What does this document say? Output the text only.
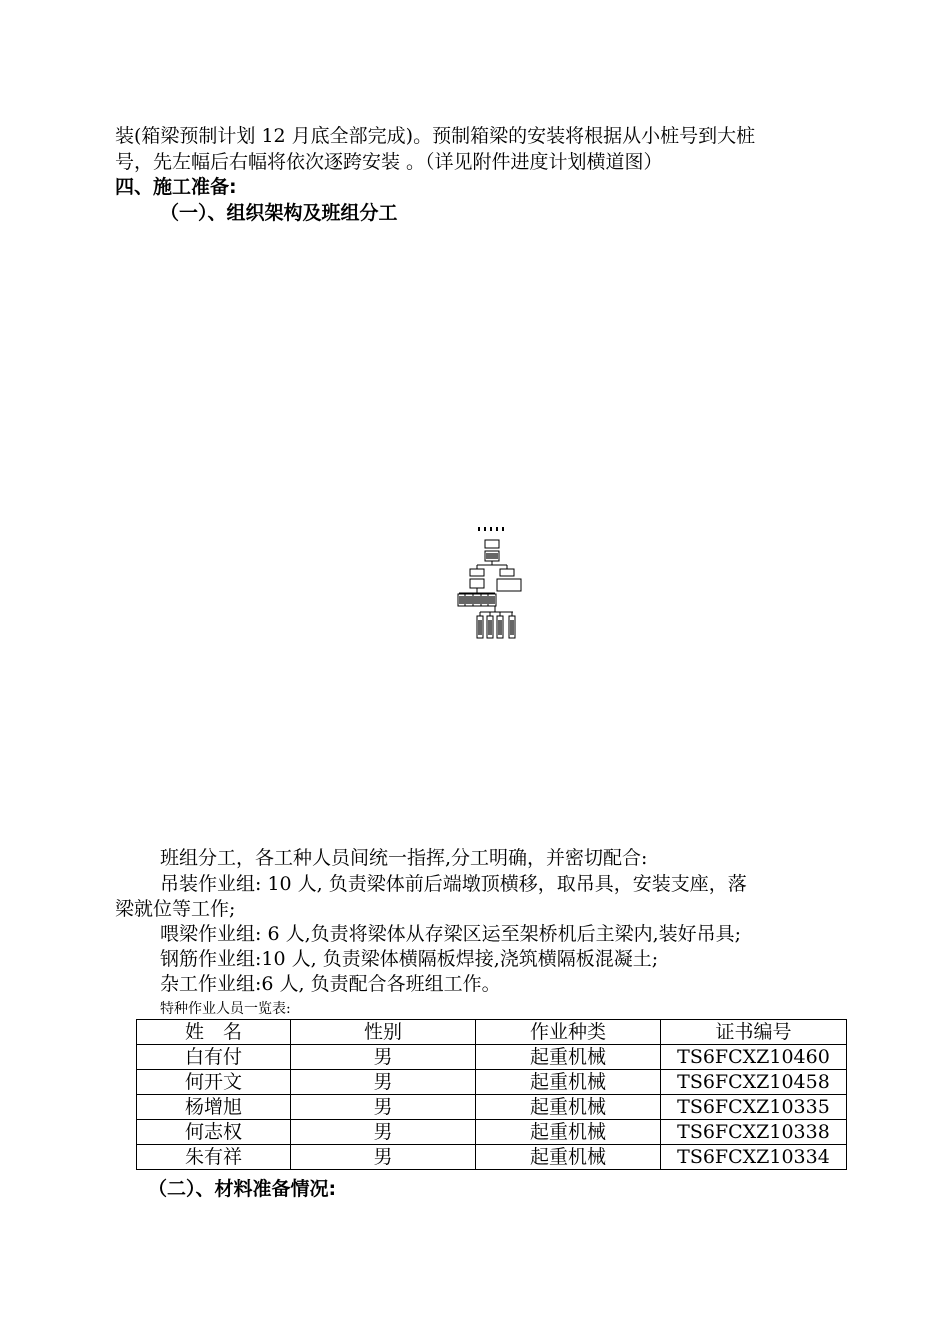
装(箱梁预制计划 12 月底全部完成)。预制箱梁的安装将根据从小桩号到大桩
号，先左幅后右幅将依次逐跨安装 。（详见附件进度计划横道图）
四、施工准备:
（一）、组织架构及班组分工
班组分工，各工种人员间统一指挥,分工明确，并密切配合:
吊装作业组: 10 人, 负责梁体前后端墩顶横移，取吊具，安装支座，落
梁就位等工作;
喂梁作业组: 6 人,负责将梁体从存梁区运至架桥机后主梁内,装好吊具;
钢筋作业组:10 人, 负责梁体横隔板焊接,浇筑横隔板混凝土;
杂工作业组:6 人, 负责配合各班组工作。
特种作业人员一览表:
姓　名	性别	作业种类	证书编号
白有付	男	起重机械	TS6FCXZ10460
何开文	男	起重机械	TS6FCXZ10458
杨增旭	男	起重机械	TS6FCXZ10335
何志权	男	起重机械	TS6FCXZ10338
朱有祥	男	起重机械	TS6FCXZ10334
（二）、材料准备情况:
